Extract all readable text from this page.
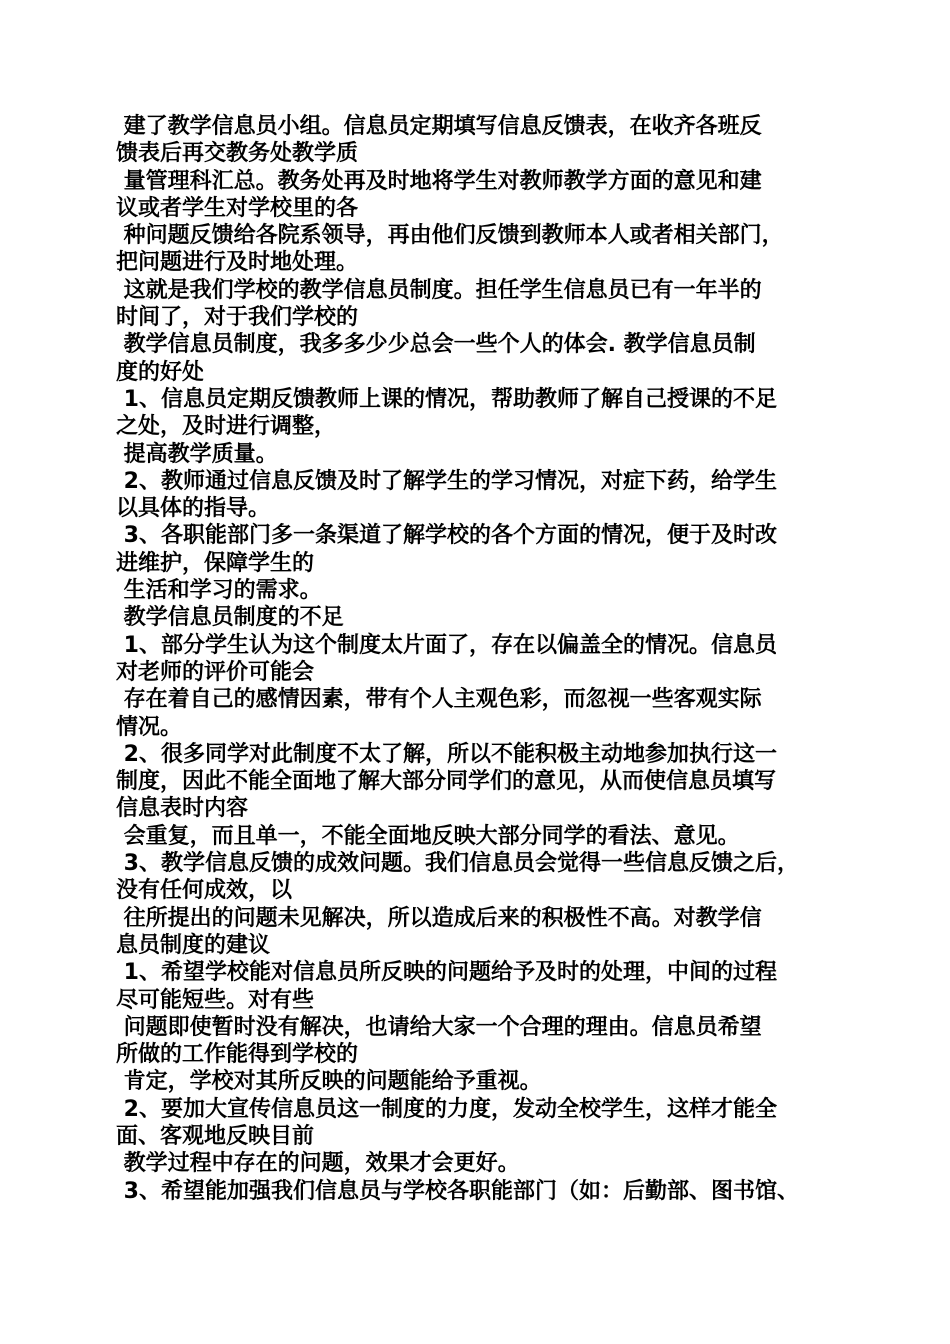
建了教学信息员小组。信息员定期填写信息反馈表，在收齐各班反
馈表后再交教务处教学质
量管理科汇总。教务处再及时地将学生对教师教学方面的意见和建
议或者学生对学校里的各
种问题反馈给各院系领导，再由他们反馈到教师本人或者相关部门，
把问题进行及时地处理。
这就是我们学校的教学信息员制度。担任学生信息员已有一年半的
时间了，对于我们学校的
教学信息员制度，我多多少少总会一些个人的体会. 教学信息员制
度的好处
1、信息员定期反馈教师上课的情况，帮助教师了解自己授课的不足
之处，及时进行调整，
提高教学质量。
2、教师通过信息反馈及时了解学生的学习情况，对症下药，给学生
以具体的指导。
3、各职能部门多一条渠道了解学校的各个方面的情况，便于及时改
进维护，保障学生的
生活和学习的需求。
教学信息员制度的不足
1、部分学生认为这个制度太片面了，存在以偏盖全的情况。信息员
对老师的评价可能会
存在着自己的感情因素，带有个人主观色彩，而忽视一些客观实际
情况。
2、很多同学对此制度不太了解，所以不能积极主动地参加执行这一
制度，因此不能全面地了解大部分同学们的意见，从而使信息员填写
信息表时内容
会重复，而且单一，不能全面地反映大部分同学的看法、意见。
3、教学信息反馈的成效问题。我们信息员会觉得一些信息反馈之后，
没有任何成效，以
往所提出的问题未见解决，所以造成后来的积极性不高。对教学信
息员制度的建议
1、希望学校能对信息员所反映的问题给予及时的处理，中间的过程
尽可能短些。对有些
问题即使暂时没有解决，也请给大家一个合理的理由。信息员希望
所做的工作能得到学校的
肯定，学校对其所反映的问题能给予重视。
2、要加大宣传信息员这一制度的力度，发动全校学生，这样才能全
面、客观地反映目前
教学过程中存在的问题，效果才会更好。
3、希望能加强我们信息员与学校各职能部门（如：后勤部、图书馆、
